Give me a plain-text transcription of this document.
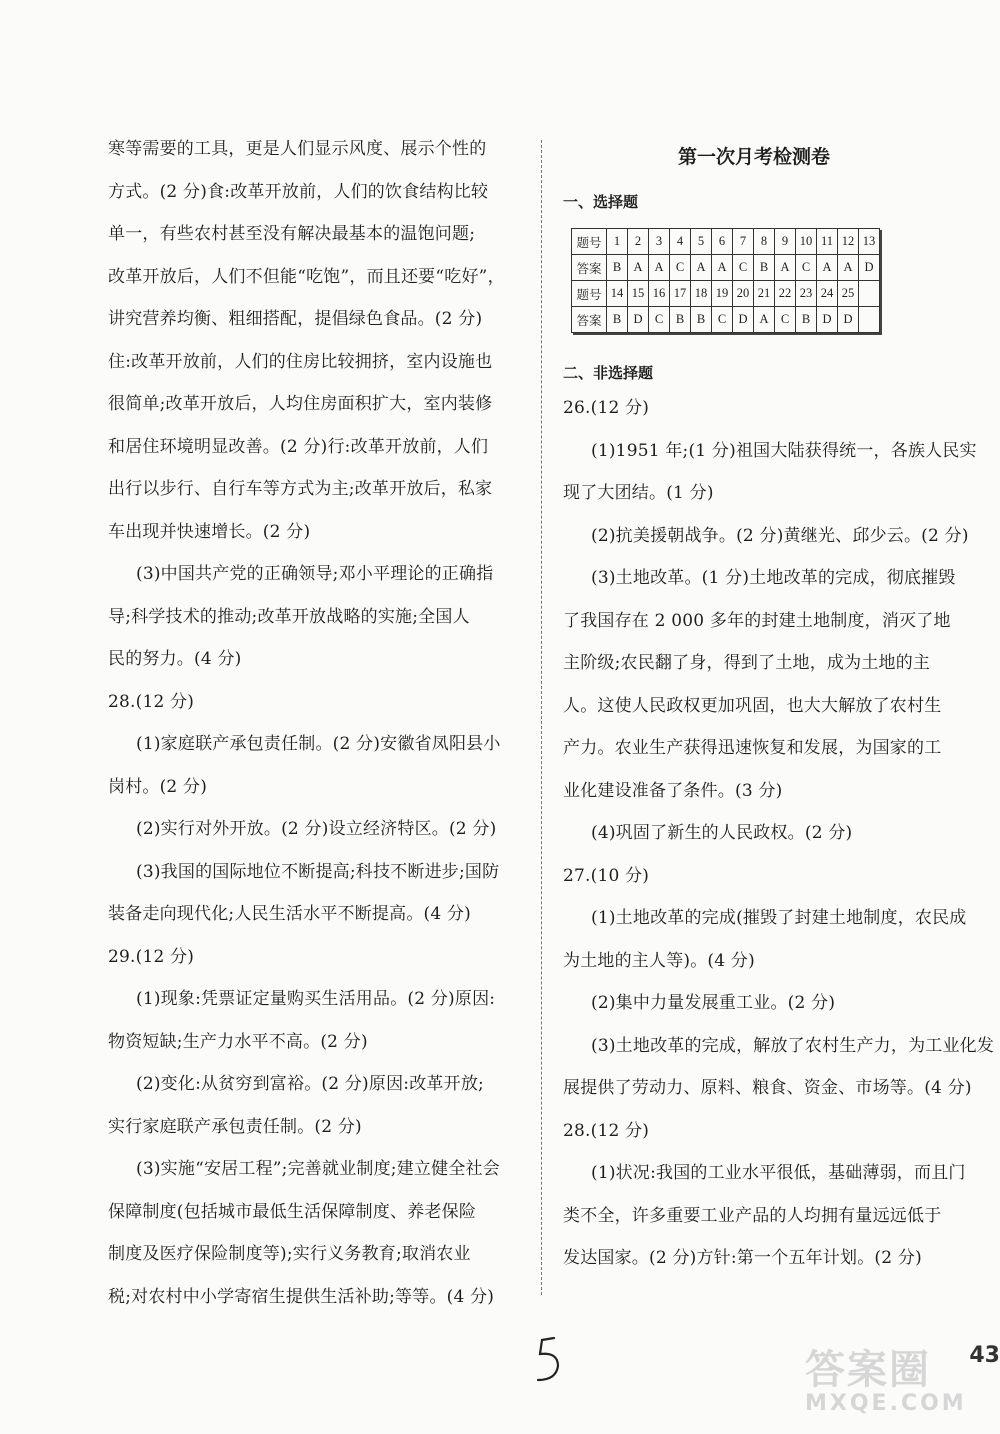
寒等需要的工具，更是人们显示风度、展示个性的
方式。(2 分)食:改革开放前，人们的饮食结构比较
单一，有些农村甚至没有解决最基本的温饱问题;
改革开放后，人们不但能“吃饱”，而且还要“吃好”，
讲究营养均衡、粗细搭配，提倡绿色食品。(2 分)
住:改革开放前，人们的住房比较拥挤，室内设施也
很简单;改革开放后，人均住房面积扩大，室内装修
和居住环境明显改善。(2 分)行:改革开放前，人们
出行以步行、自行车等方式为主;改革开放后，私家
车出现并快速增长。(2 分)
(3)中国共产党的正确领导;邓小平理论的正确指
导;科学技术的推动;改革开放战略的实施;全国人
民的努力。(4 分)
28.(12 分)
(1)家庭联产承包责任制。(2 分)安徽省凤阳县小
岗村。(2 分)
(2)实行对外开放。(2 分)设立经济特区。(2 分)
(3)我国的国际地位不断提高;科技不断进步;国防
装备走向现代化;人民生活水平不断提高。(4 分)
29.(12 分)
(1)现象:凭票证定量购买生活用品。(2 分)原因:
物资短缺;生产力水平不高。(2 分)
(2)变化:从贫穷到富裕。(2 分)原因:改革开放;
实行家庭联产承包责任制。(2 分)
(3)实施“安居工程”;完善就业制度;建立健全社会
保障制度(包括城市最低生活保障制度、养老保险
制度及医疗保险制度等);实行义务教育;取消农业
税;对农村中小学寄宿生提供生活补助;等等。(4 分)
第一次月考检测卷
一、选择题
题号	1	2	3	4	5	6	7	8	9	10	11	12	13
答案	B	A	A	C	A	A	C	B	A	C	A	A	D
题号	14	15	16	17	18	19	20	21	22	23	24	25	
答案	B	D	C	B	B	C	D	A	C	B	D	D	
二、非选择题
26.(12 分)
(1)1951 年;(1 分)祖国大陆获得统一，各族人民实
现了大团结。(1 分)
(2)抗美援朝战争。(2 分)黄继光、邱少云。(2 分)
(3)土地改革。(1 分)土地改革的完成，彻底摧毁
了我国存在 2 000 多年的封建土地制度，消灭了地
主阶级;农民翻了身，得到了土地，成为土地的主
人。这使人民政权更加巩固，也大大解放了农村生
产力。农业生产获得迅速恢复和发展，为国家的工
业化建设准备了条件。(3 分)
(4)巩固了新生的人民政权。(2 分)
27.(10 分)
(1)土地改革的完成(摧毁了封建土地制度，农民成
为土地的主人等)。(4 分)
(2)集中力量发展重工业。(2 分)
(3)土地改革的完成，解放了农村生产力，为工业化发
展提供了劳动力、原料、粮食、资金、市场等。(4 分)
28.(12 分)
(1)状况:我国的工业水平很低，基础薄弱，而且门
类不全，许多重要工业产品的人均拥有量远远低于
发达国家。(2 分)方针:第一个五年计划。(2 分)
答案圈
MXQE.COM
43
